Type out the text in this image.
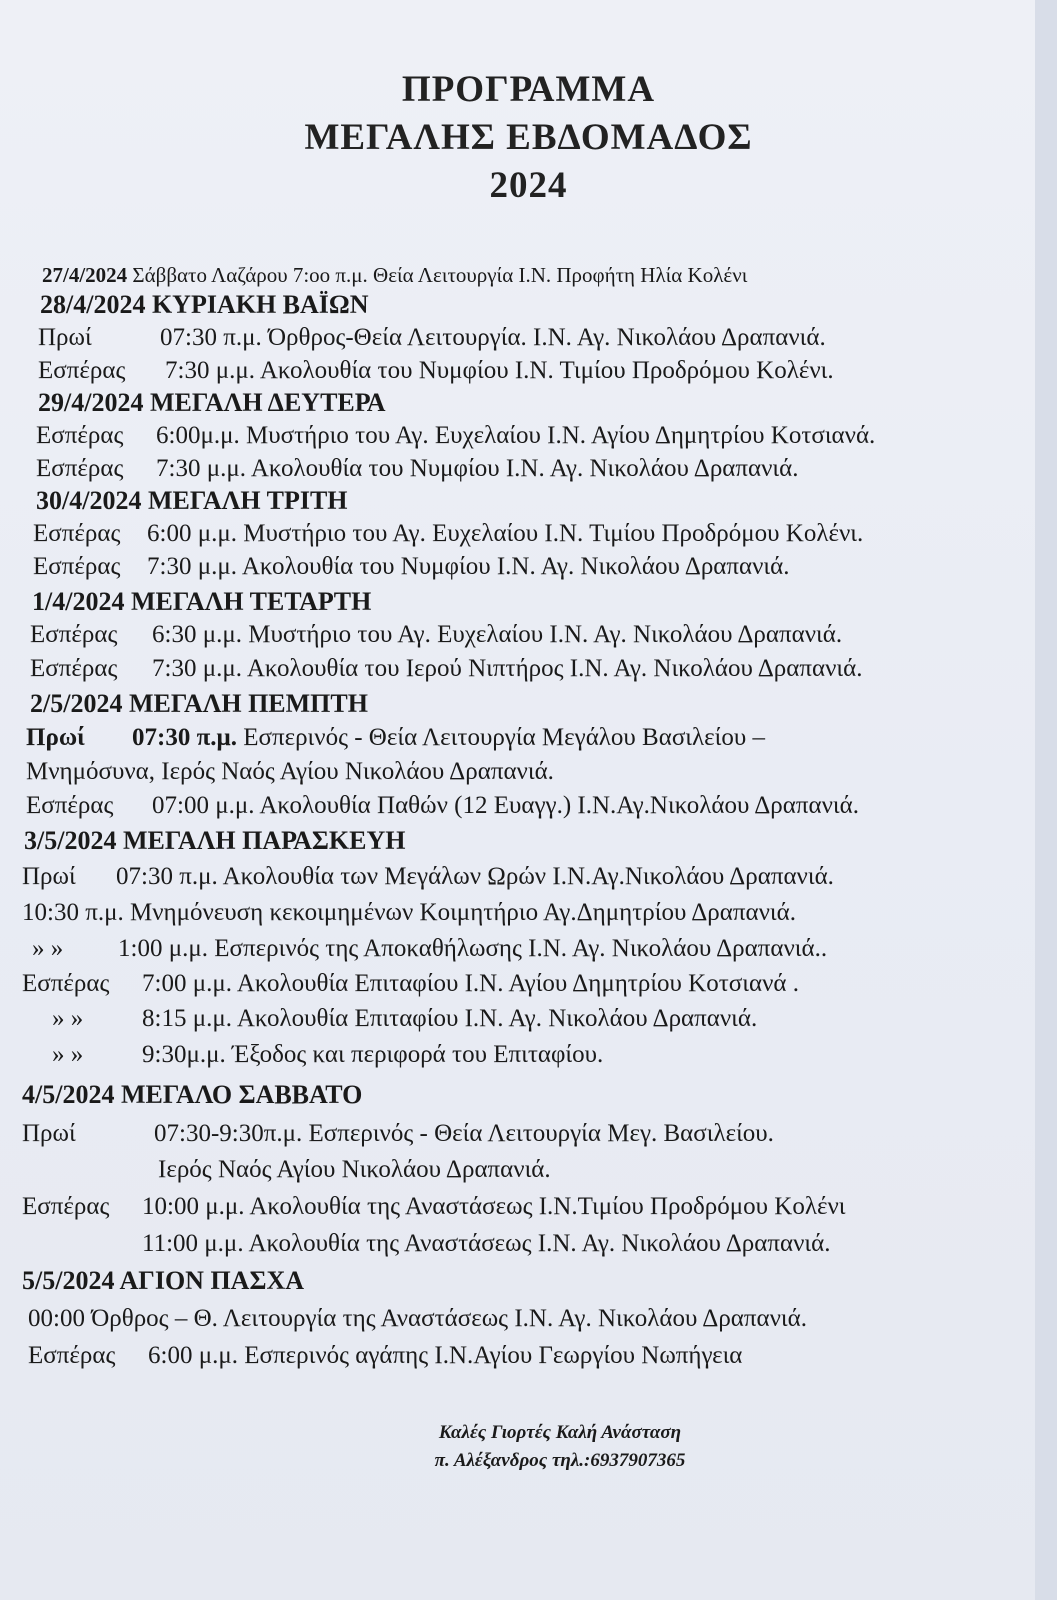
ΠΡΟΓΡΑΜΜΑ
ΜΕΓΑΛΗΣ ΕΒΔΟΜΑΔΟΣ
2024
27/4/2024 Σάββατο Λαζάρου 7:οο π.μ. Θεία Λειτουργία Ι.Ν. Προφήτη Ηλία Κολένι
28/4/2024 ΚΥΡΙΑΚΗ ΒΑΪΩΝ
Πρωί	07:30 π.μ. Όρθρος-Θεία Λειτουργία. Ι.Ν. Αγ. Νικολάου Δραπανιά.
Εσπέρας 7:30 μ.μ. Ακολουθία του Νυμφίου Ι.Ν. Τιμίου Προδρόμου Κολένι.
29/4/2024 ΜΕΓΑΛΗ ΔΕΥΤΕΡΑ
Εσπέρας 6:00μ.μ. Μυστήριο του Αγ. Ευχελαίου Ι.Ν. Αγίου Δημητρίου Κοτσιανά.
Εσπέρας 7:30 μ.μ. Ακολουθία του Νυμφίου Ι.Ν. Αγ. Νικολάου Δραπανιά.
30/4/2024 ΜΕΓΑΛΗ ΤΡΙΤΗ
Εσπέρας 6:00 μ.μ. Μυστήριο του Αγ. Ευχελαίου Ι.Ν. Τιμίου Προδρόμου Κολένι.
Εσπέρας 7:30 μ.μ. Ακολουθία του Νυμφίου Ι.Ν. Αγ. Νικολάου Δραπανιά.
1/4/2024 ΜΕΓΑΛΗ ΤΕΤΑΡΤΗ
Εσπέρας 6:30 μ.μ. Μυστήριο του Αγ. Ευχελαίου Ι.Ν. Αγ. Νικολάου Δραπανιά.
Εσπέρας 7:30 μ.μ. Ακολουθία του Ιερού Νιπτήρος Ι.Ν. Αγ. Νικολάου Δραπανιά.
2/5/2024 ΜΕΓΑΛΗ ΠΕΜΠΤΗ
Πρωί 07:30 π.μ. Εσπερινός - Θεία Λειτουργία Μεγάλου Βασιλείου –
Μνημόσυνα, Ιερός Ναός Αγίου Νικολάου Δραπανιά.
Εσπέρας 07:00 μ.μ. Ακολουθία Παθών (12 Ευαγγ.) Ι.Ν.Αγ.Νικολάου Δραπανιά.
3/5/2024 ΜΕΓΑΛΗ ΠΑΡΑΣΚΕΥΗ
Πρωί 07:30 π.μ. Ακολουθία των Μεγάλων Ωρών Ι.Ν.Αγ.Νικολάου Δραπανιά.
10:30 π.μ. Μνημόνευση κεκοιμημένων Κοιμητήριο Αγ.Δημητρίου Δραπανιά.
» » 1:00 μ.μ. Εσπερινός της Αποκαθήλωσης Ι.Ν. Αγ. Νικολάου Δραπανιά..
Εσπέρας 7:00 μ.μ. Ακολουθία Επιταφίου Ι.Ν. Αγίου Δημητρίου Κοτσιανά .
» » 8:15 μ.μ. Ακολουθία Επιταφίου Ι.Ν. Αγ. Νικολάου Δραπανιά.
» » 9:30μ.μ. Έξοδος και περιφορά του Επιταφίου.
4/5/2024 ΜΕΓΑΛΟ ΣΑΒΒΑΤΟ
Πρωί	07:30-9:30π.μ. Εσπερινός - Θεία Λειτουργία Μεγ. Βασιλείου.
Ιερός Ναός Αγίου Νικολάου Δραπανιά.
Εσπέρας 10:00 μ.μ. Ακολουθία της Αναστάσεως Ι.Ν.Τιμίου Προδρόμου Κολένι
11:00 μ.μ. Ακολουθία της Αναστάσεως Ι.Ν. Αγ. Νικολάου Δραπανιά.
5/5/2024 ΑΓΙΟΝ ΠΑΣΧΑ
00:00 Όρθρος – Θ. Λειτουργία της Αναστάσεως Ι.Ν. Αγ. Νικολάου Δραπανιά.
Εσπέρας 6:00 μ.μ. Εσπερινός αγάπης Ι.Ν.Αγίου Γεωργίου Νωπήγεια
Καλές Γιορτές Καλή Ανάσταση
π. Αλέξανδρος τηλ.:6937907365
